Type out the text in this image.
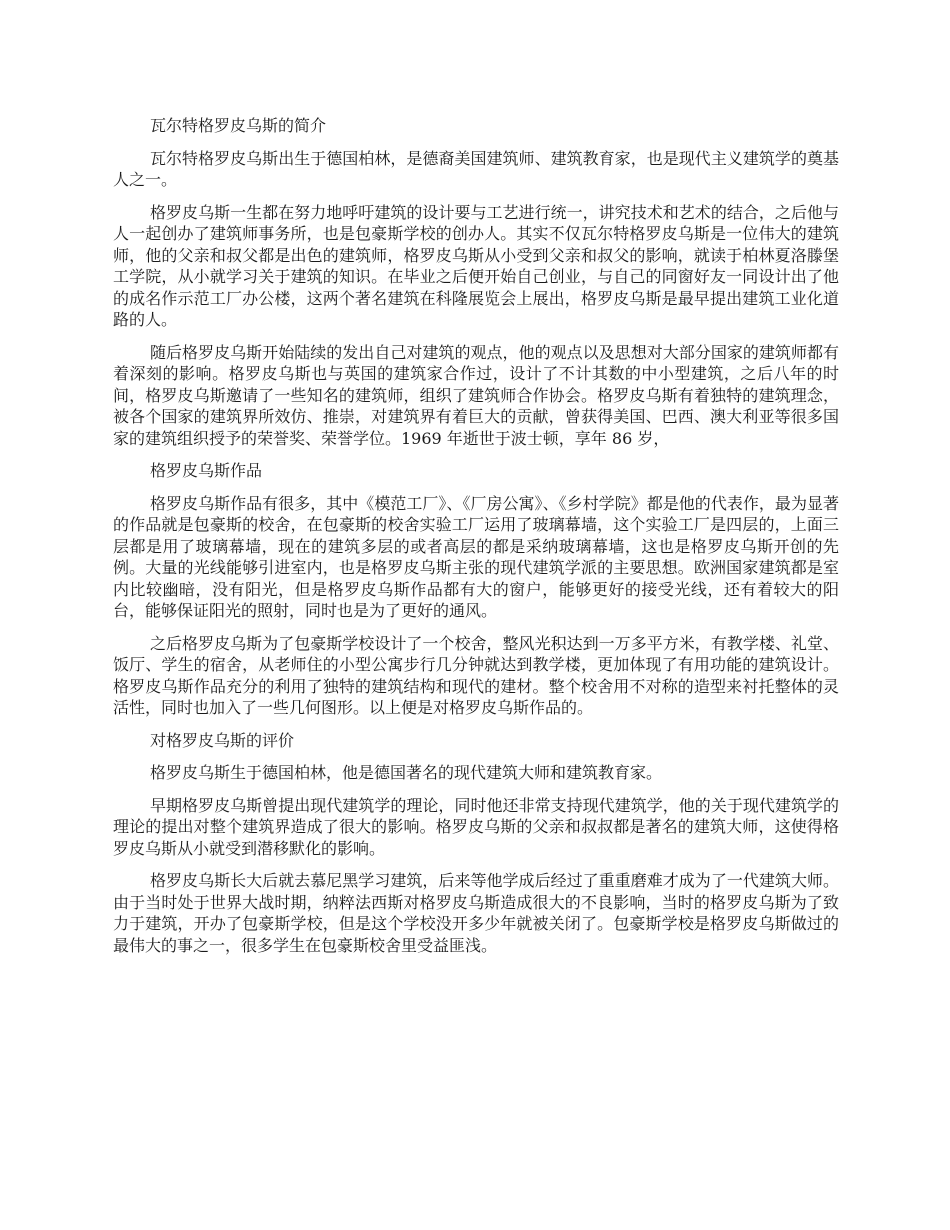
瓦尔特格罗皮乌斯的简介

瓦尔特格罗皮乌斯出生于德国柏林，是德裔美国建筑师、建筑教育家，也是现代主义建筑学的奠基人之一。

格罗皮乌斯一生都在努力地呼吁建筑的设计要与工艺进行统一，讲究技术和艺术的结合，之后他与人一起创办了建筑师事务所，也是包豪斯学校的创办人。其实不仅瓦尔特格罗皮乌斯是一位伟大的建筑师，他的父亲和叔父都是出色的建筑师，格罗皮乌斯从小受到父亲和叔父的影响，就读于柏林夏洛滕堡工学院，从小就学习关于建筑的知识。在毕业之后便开始自己创业，与自己的同窗好友一同设计出了他的成名作示范工厂办公楼，这两个著名建筑在科隆展览会上展出，格罗皮乌斯是最早提出建筑工业化道路的人。

随后格罗皮乌斯开始陆续的发出自己对建筑的观点，他的观点以及思想对大部分国家的建筑师都有着深刻的影响。格罗皮乌斯也与英国的建筑家合作过，设计了不计其数的中小型建筑，之后八年的时间，格罗皮乌斯邀请了一些知名的建筑师，组织了建筑师合作协会。格罗皮乌斯有着独特的建筑理念，被各个国家的建筑界所效仿、推崇，对建筑界有着巨大的贡献，曾获得美国、巴西、澳大利亚等很多国家的建筑组织授予的荣誉奖、荣誉学位。1969 年逝世于波士顿，享年 86 岁，

格罗皮乌斯作品

格罗皮乌斯作品有很多，其中《模范工厂》、《厂房公寓》、《乡村学院》都是他的代表作，最为显著的作品就是包豪斯的校舍，在包豪斯的校舍实验工厂运用了玻璃幕墙，这个实验工厂是四层的，上面三层都是用了玻璃幕墙，现在的建筑多层的或者高层的都是采纳玻璃幕墙，这也是格罗皮乌斯开创的先例。大量的光线能够引进室内，也是格罗皮乌斯主张的现代建筑学派的主要思想。欧洲国家建筑都是室内比较幽暗，没有阳光，但是格罗皮乌斯作品都有大的窗户，能够更好的接受光线，还有着较大的阳台，能够保证阳光的照射，同时也是为了更好的通风。

之后格罗皮乌斯为了包豪斯学校设计了一个校舍，整风光积达到一万多平方米，有教学楼、礼堂、饭厅、学生的宿舍，从老师住的小型公寓步行几分钟就达到教学楼，更加体现了有用功能的建筑设计。格罗皮乌斯作品充分的利用了独特的建筑结构和现代的建材。整个校舍用不对称的造型来衬托整体的灵活性，同时也加入了一些几何图形。以上便是对格罗皮乌斯作品的。

对格罗皮乌斯的评价

格罗皮乌斯生于德国柏林，他是德国著名的现代建筑大师和建筑教育家。

早期格罗皮乌斯曾提出现代建筑学的理论，同时他还非常支持现代建筑学，他的关于现代建筑学的理论的提出对整个建筑界造成了很大的影响。格罗皮乌斯的父亲和叔叔都是著名的建筑大师，这使得格罗皮乌斯从小就受到潜移默化的影响。

格罗皮乌斯长大后就去慕尼黑学习建筑，后来等他学成后经过了重重磨难才成为了一代建筑大师。由于当时处于世界大战时期，纳粹法西斯对格罗皮乌斯造成很大的不良影响，当时的格罗皮乌斯为了致力于建筑，开办了包豪斯学校，但是这个学校没开多少年就被关闭了。包豪斯学校是格罗皮乌斯做过的最伟大的事之一，很多学生在包豪斯校舍里受益匪浅。
